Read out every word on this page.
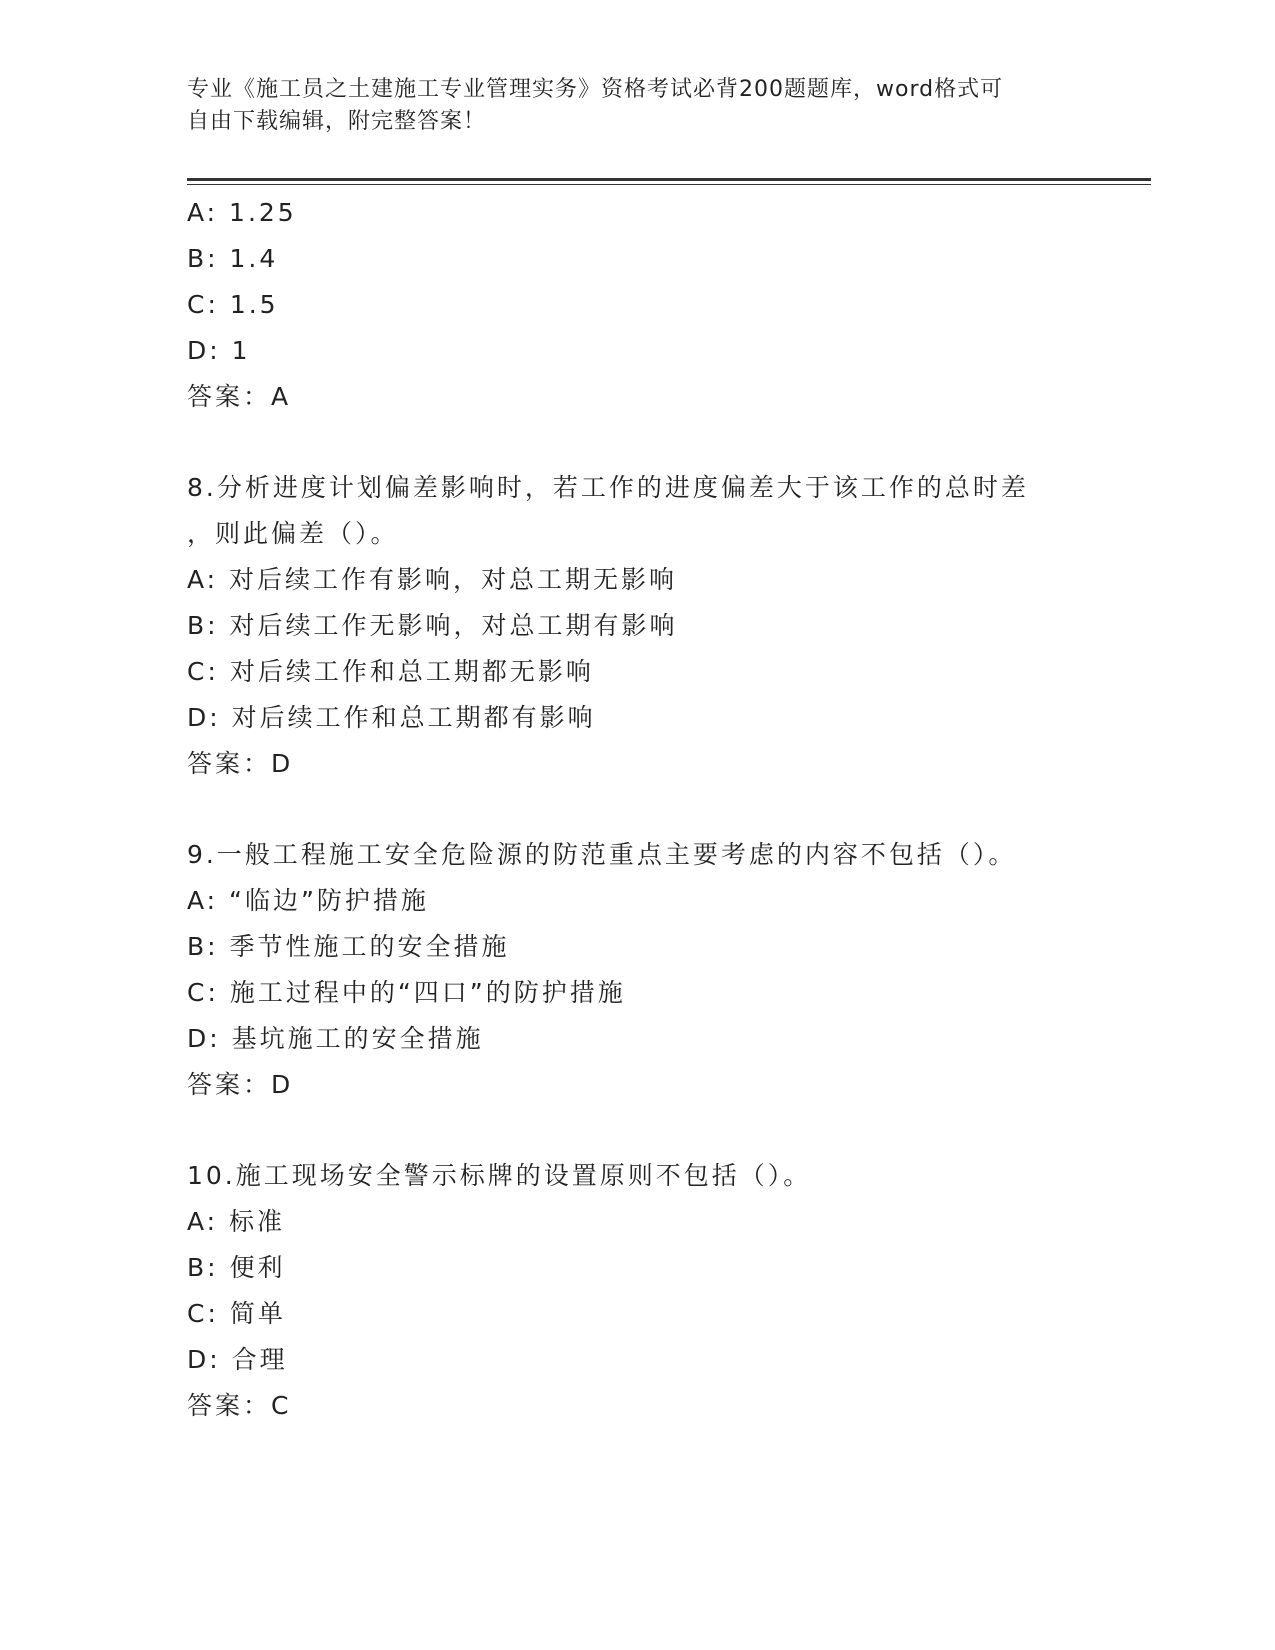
专业《施工员之土建施工专业管理实务》资格考试必背200题题库，word格式可
自由下载编辑，附完整答案！
A: 1.25
B: 1.4
C: 1.5
D: 1
答案：A
8.分析进度计划偏差影响时，若工作的进度偏差大于该工作的总时差
，则此偏差（）。
A: 对后续工作有影响，对总工期无影响
B: 对后续工作无影响，对总工期有影响
C: 对后续工作和总工期都无影响
D: 对后续工作和总工期都有影响
答案：D
9.一般工程施工安全危险源的防范重点主要考虑的内容不包括（）。
A: “临边”防护措施
B: 季节性施工的安全措施
C: 施工过程中的“四口”的防护措施
D: 基坑施工的安全措施
答案：D
10.施工现场安全警示标牌的设置原则不包括（）。
A: 标准
B: 便利
C: 简单
D: 合理
答案：C
